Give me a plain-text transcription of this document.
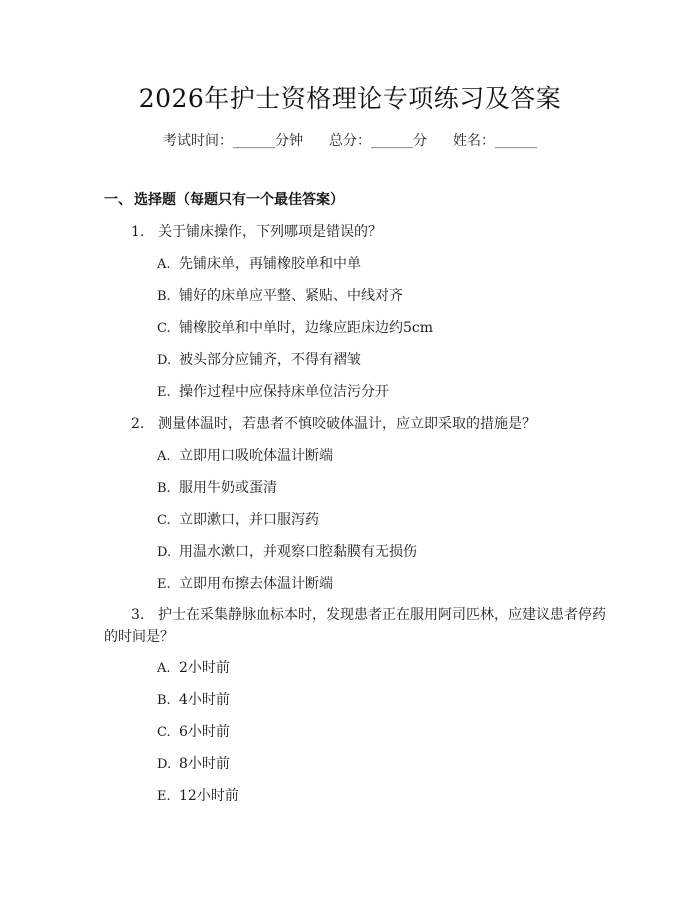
2026年护士资格理论专项练习及答案
考试时间：______分钟 总分：______分 姓名：______
一、 选择题（每题只有一个最佳答案）
1. 关于铺床操作，下列哪项是错误的？
A. 先铺床单，再铺橡胶单和中单
B. 铺好的床单应平整、紧贴、中线对齐
C. 铺橡胶单和中单时，边缘应距床边约5cm
D. 被头部分应铺齐，不得有褶皱
E. 操作过程中应保持床单位洁污分开
2. 测量体温时，若患者不慎咬破体温计，应立即采取的措施是？
A. 立即用口吸吮体温计断端
B. 服用牛奶或蛋清
C. 立即漱口，并口服泻药
D. 用温水漱口，并观察口腔黏膜有无损伤
E. 立即用布擦去体温计断端
3. 护士在采集静脉血标本时，发现患者正在服用阿司匹林，应建议患者停药
的时间是？
A. 2小时前
B. 4小时前
C. 6小时前
D. 8小时前
E. 12小时前
